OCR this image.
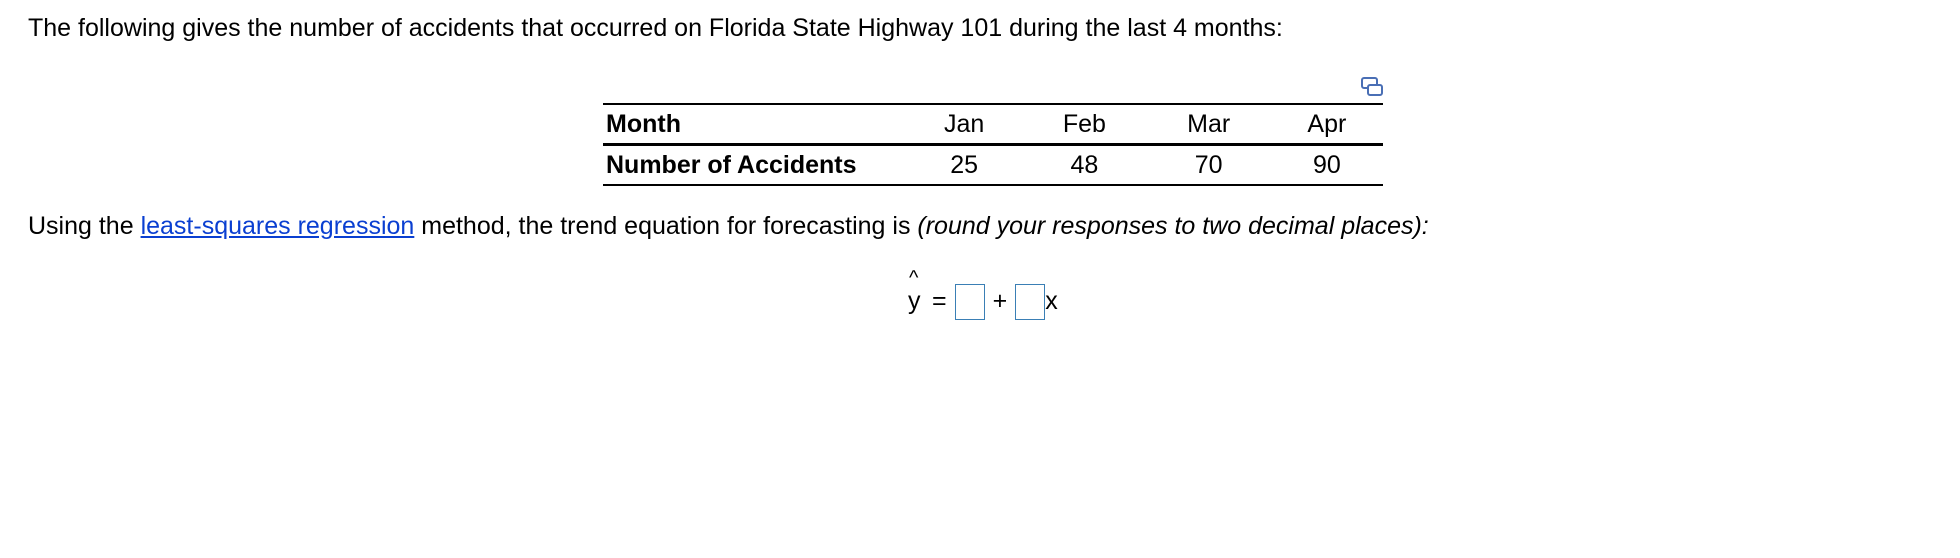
The following gives the number of accidents that occurred on Florida State Highway 101 during the last 4 months:
Month	Jan	Feb	Mar	Apr
Number of Accidents	25	48	70	90
Using the least-squares regression method, the trend equation for forecasting is (round your responses to two decimal places):
^
y = + x
